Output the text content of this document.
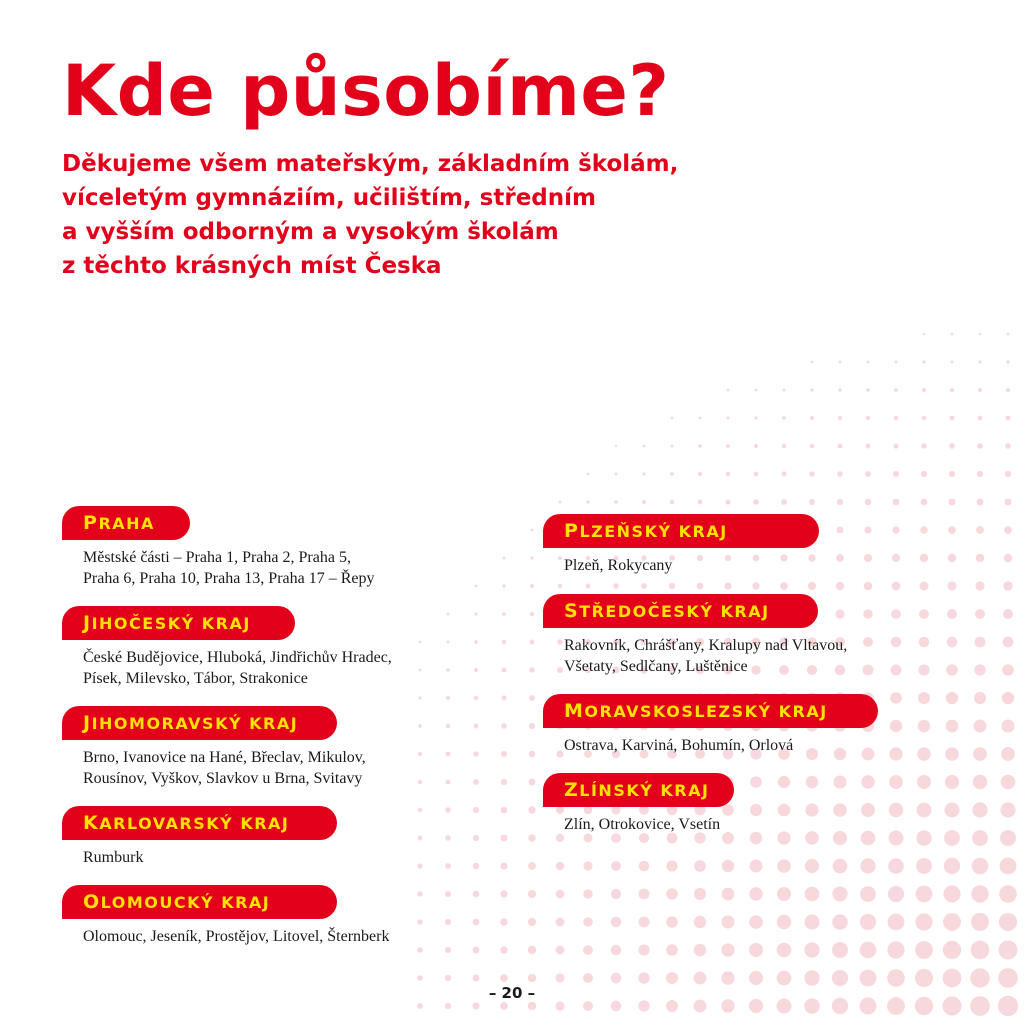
Kde působíme?
Děkujeme všem mateřským, základním školám,
víceletým gymnáziím, učilištím, středním
a vyšším odborným a vysokým školám
z těchto krásných míst Česka
PRAHA
Městské části – Praha 1, Praha 2, Praha 5,
Praha 6, Praha 10, Praha 13, Praha 17 – Řepy
JIHOČESKÝ KRAJ
České Budějovice, Hluboká, Jindřichův Hradec,
Písek, Milevsko, Tábor, Strakonice
JIHOMORAVSKÝ KRAJ
Brno, Ivanovice na Hané, Břeclav, Mikulov,
Rousínov, Vyškov, Slavkov u Brna, Svitavy
KARLOVARSKÝ KRAJ
Rumburk
OLOMOUCKÝ KRAJ
Olomouc, Jeseník, Prostějov, Litovel, Šternberk
PLZEŇSKÝ KRAJ
Plzeň, Rokycany
STŘEDOČESKÝ KRAJ
Rakovník, Chrášťany, Kralupy nad Vltavou,
Všetaty, Sedlčany, Luštěnice
MORAVSKOSLEZSKÝ KRAJ
Ostrava, Karviná, Bohumín, Orlová
ZLÍNSKÝ KRAJ
Zlín, Otrokovice, Vsetín
– 20 –
